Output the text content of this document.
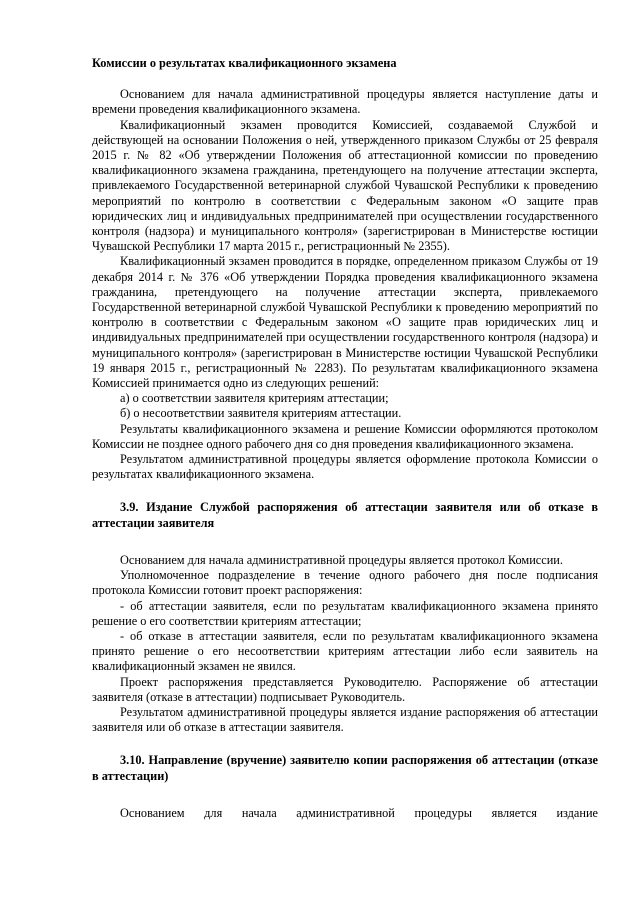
Комиссии о результатах квалификационного экзамена

Основанием для начала административной процедуры является наступление даты и времени проведения квалификационного экзамена.

Квалификационный экзамен проводится Комиссией, создаваемой Службой и действующей на основании Положения о ней, утвержденного приказом Службы от 25 февраля 2015 г. № 82 «Об утверждении Положения об аттестационной комиссии по проведению квалификационного экзамена гражданина, претендующего на получение аттестации эксперта, привлекаемого Государственной ветеринарной службой Чувашской Республики к проведению мероприятий по контролю в соответствии с Федеральным законом «О защите прав юридических лиц и индивидуальных предпринимателей при осуществлении государственного контроля (надзора) и муниципального контроля» (зарегистрирован в Министерстве юстиции Чувашской Республики 17 марта 2015 г., регистрационный № 2355).

Квалификационный экзамен проводится в порядке, определенном приказом Службы от 19 декабря 2014 г. № 376 «Об утверждении Порядка проведения квалификационного экзамена гражданина, претендующего на получение аттестации эксперта, привлекаемого Государственной ветеринарной службой Чувашской Республики к проведению мероприятий по контролю в соответствии с Федеральным законом «О защите прав юридических лиц и индивидуальных предпринимателей при осуществлении государственного контроля (надзора) и муниципального контроля» (зарегистрирован в Министерстве юстиции Чувашской Республики 19 января 2015 г., регистрационный № 2283). По результатам квалификационного экзамена Комиссией принимается одно из следующих решений:

а) о соответствии заявителя критериям аттестации;

б) о несоответствии заявителя критериям аттестации.

Результаты квалификационного экзамена и решение Комиссии оформляются протоколом Комиссии не позднее одного рабочего дня со дня проведения квалификационного экзамена.

Результатом административной процедуры является оформление протокола Комиссии о результатах квалификационного экзамена.

3.9. Издание Службой распоряжения об аттестации заявителя или об отказе в аттестации заявителя

Основанием для начала административной процедуры является протокол Комиссии.

Уполномоченное подразделение в течение одного рабочего дня после подписания протокола Комиссии готовит проект распоряжения:

- об аттестации заявителя, если по результатам квалификационного экзамена принято решение о его соответствии критериям аттестации;

- об отказе в аттестации заявителя, если по результатам квалификационного экзамена принято решение о его несоответствии критериям аттестации либо если заявитель на квалификационный экзамен не явился.

Проект распоряжения представляется Руководителю. Распоряжение об аттестации заявителя (отказе в аттестации) подписывает Руководитель.

Результатом административной процедуры является издание распоряжения об аттестации заявителя или об отказе в аттестации заявителя.

3.10. Направление (вручение) заявителю копии распоряжения об аттестации (отказе в аттестации)

Основанием для начала административной процедуры является издание
